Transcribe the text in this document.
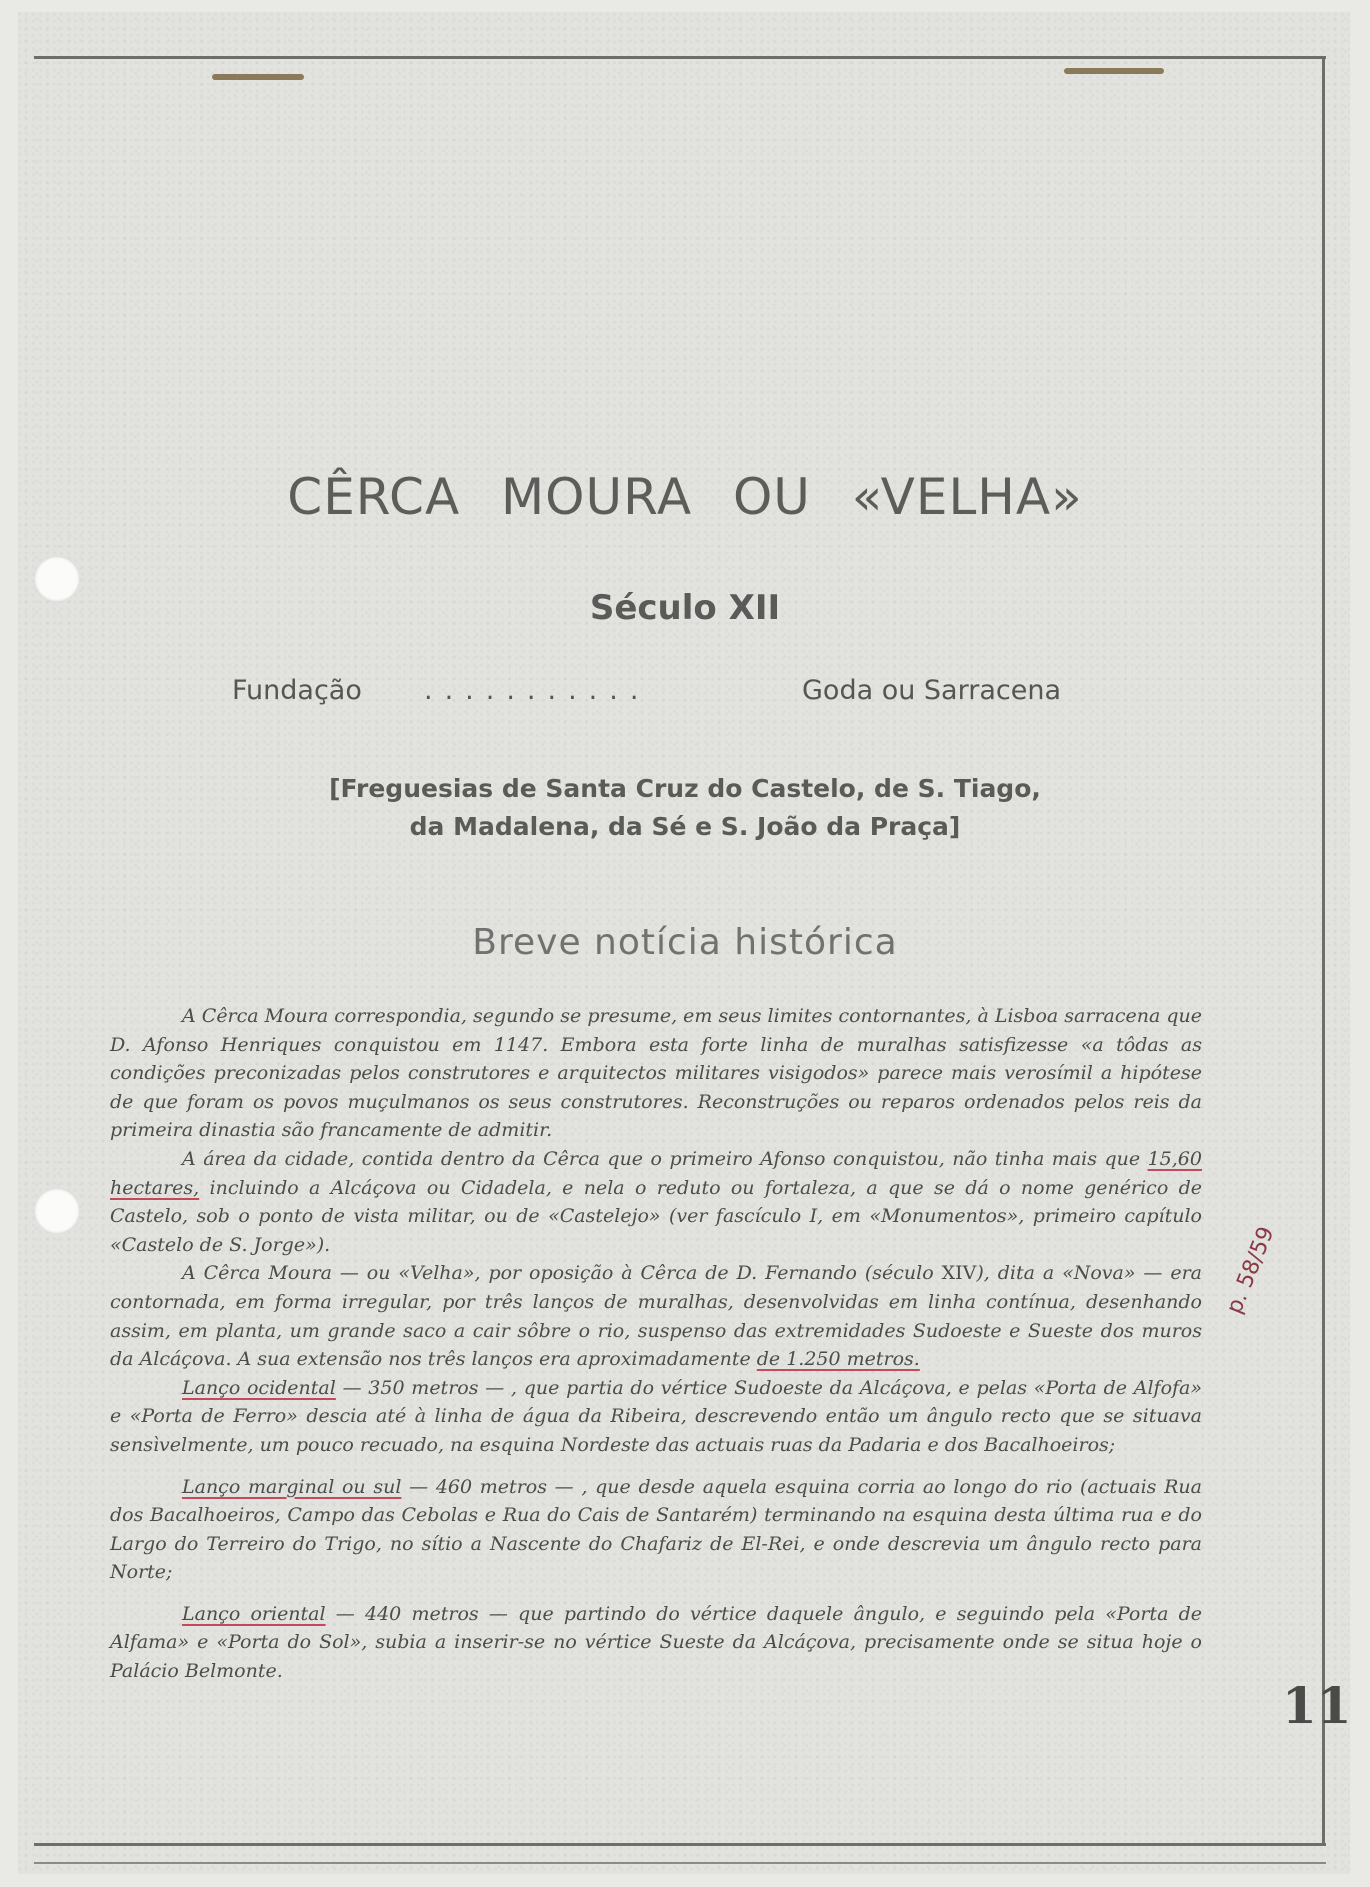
CÊRCA MOURA OU «VELHA»
Século XII
Fundação ...........	Goda ou Sarracena
[Freguesias de Santa Cruz do Castelo, de S. Tiago,
da Madalena, da Sé e S. João da Praça]
Breve notícia histórica

A Cêrca Moura correspondia, segundo se presume, em seus limites contornantes, à Lisboa sarracena que D. Afonso Henriques conquistou em 1147. Embora esta forte linha de muralhas satisfizesse «a tôdas as condições preconizadas pelos construtores e arquitectos militares visigodos» parece mais verosímil a hipótese de que foram os povos muçulmanos os seus construtores. Reconstruções ou reparos ordenados pelos reis da primeira dinastia são francamente de admitir.

A área da cidade, contida dentro da Cêrca que o primeiro Afonso conquistou, não tinha mais que 15,60 hectares, incluindo a Alcáçova ou Cidadela, e nela o reduto ou fortaleza, a que se dá o nome genérico de Castelo, sob o ponto de vista militar, ou de «Castelejo» (ver fascículo I, em «Monumentos», primeiro capítulo «Castelo de S. Jorge»).

A Cêrca Moura — ou «Velha», por oposição à Cêrca de D. Fernando (século XIV), dita a «Nova» — era contornada, em forma irregular, por três lanços de muralhas, desenvolvidas em linha contínua, desenhando assim, em planta, um grande saco a cair sôbre o rio, suspenso das extremidades Sudoeste e Sueste dos muros da Alcáçova. A sua extensão nos três lanços era aproximadamente de 1.250 metros.

Lanço ocidental — 350 metros — , que partia do vértice Sudoeste da Alcáçova, e pelas «Porta de Alfofa» e «Porta de Ferro» descia até à linha de água da Ribeira, descrevendo então um ângulo recto que se situava sensìvelmente, um pouco recuado, na esquina Nordeste das actuais ruas da Padaria e dos Bacalhoeiros;

Lanço marginal ou sul — 460 metros — , que desde aquela esquina corria ao longo do rio (actuais Rua dos Bacalhoeiros, Campo das Cebolas e Rua do Cais de Santarém) terminando na esquina desta última rua e do Largo do Terreiro do Trigo, no sítio a Nascente do Chafariz de El-Rei, e onde descrevia um ângulo recto para Norte;

Lanço oriental — 440 metros — que partindo do vértice daquele ângulo, e seguindo pela «Porta de Alfama» e «Porta do Sol», subia a inserir-se no vértice Sueste da Alcáçova, precisamente onde se situa hoje o Palácio Belmonte.

p. 58/59
11
